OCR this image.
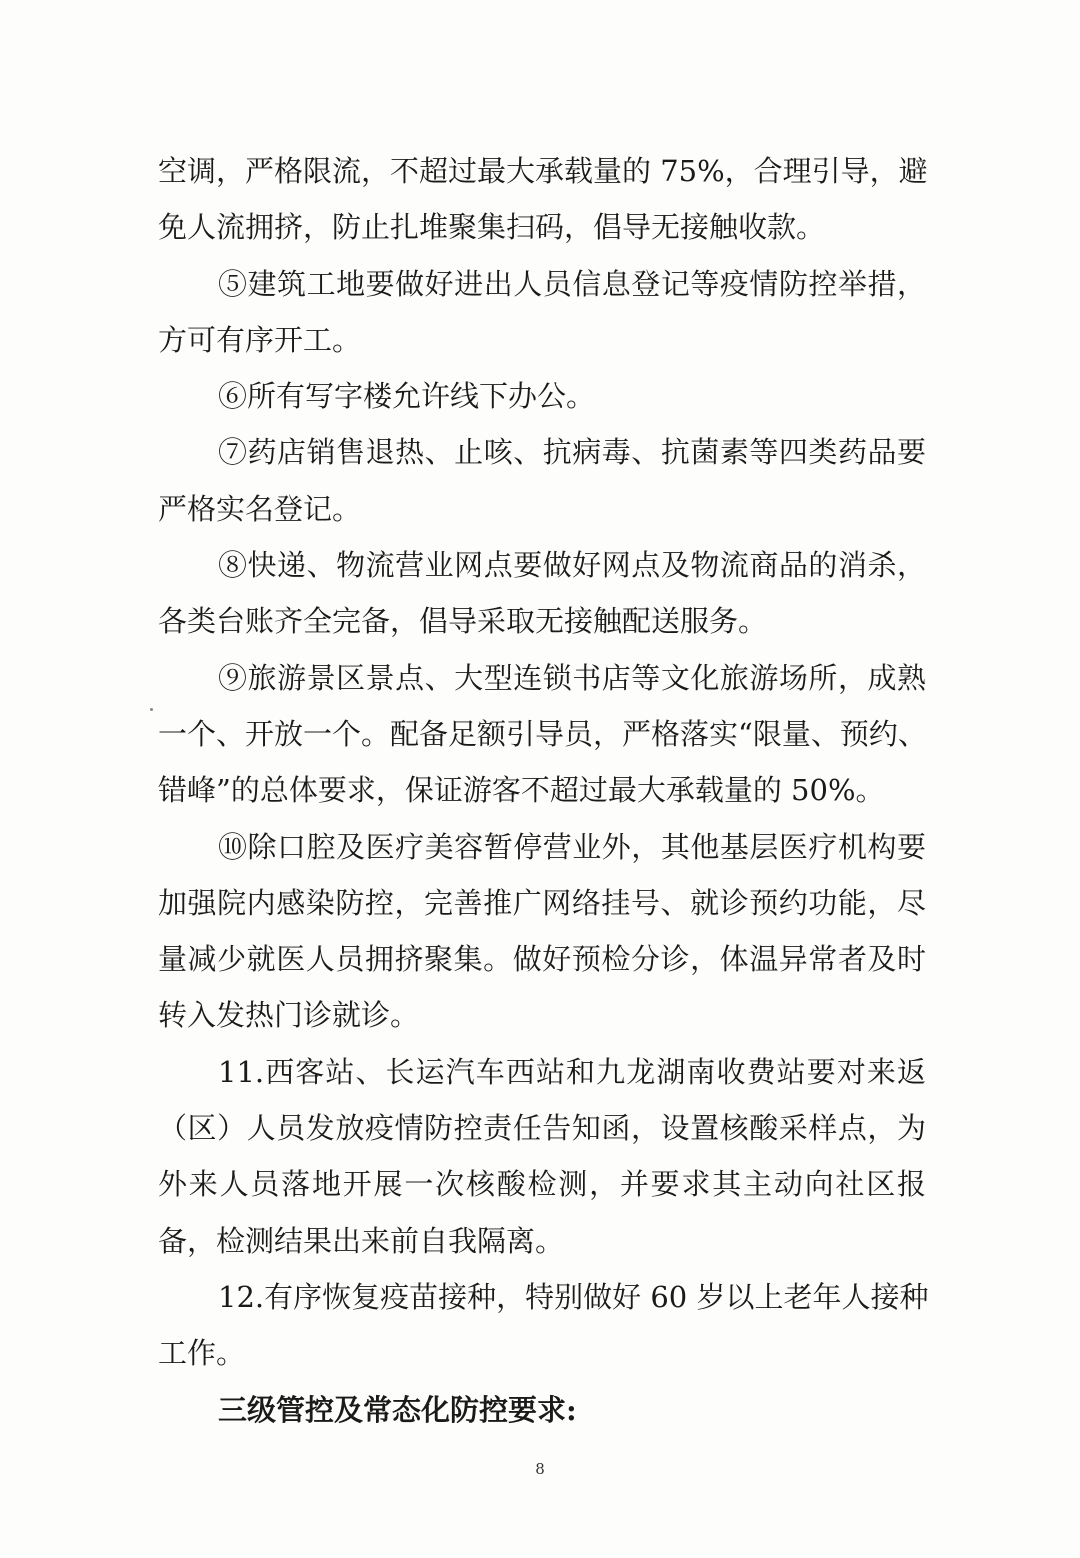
空调，严格限流，不超过最大承载量的 75%，合理引导，避
免人流拥挤，防止扎堆聚集扫码，倡导无接触收款。
⑤建筑工地要做好进出人员信息登记等疫情防控举措，
方可有序开工。
⑥所有写字楼允许线下办公。
⑦药店销售退热、止咳、抗病毒、抗菌素等四类药品要
严格实名登记。
⑧快递、物流营业网点要做好网点及物流商品的消杀，
各类台账齐全完备，倡导采取无接触配送服务。
⑨旅游景区景点、大型连锁书店等文化旅游场所，成熟
一个、开放一个。配备足额引导员，严格落实“限量、预约、
错峰”的总体要求，保证游客不超过最大承载量的 50%。
⑩除口腔及医疗美容暂停营业外，其他基层医疗机构要
加强院内感染防控，完善推广网络挂号、就诊预约功能，尽
量减少就医人员拥挤聚集。做好预检分诊，体温异常者及时
转入发热门诊就诊。
11.西客站、长运汽车西站和九龙湖南收费站要对来返
（区）人员发放疫情防控责任告知函，设置核酸采样点，为
外来人员落地开展一次核酸检测，并要求其主动向社区报
备，检测结果出来前自我隔离。
12.有序恢复疫苗接种，特别做好 60 岁以上老年人接种
工作。
三级管控及常态化防控要求:
8
